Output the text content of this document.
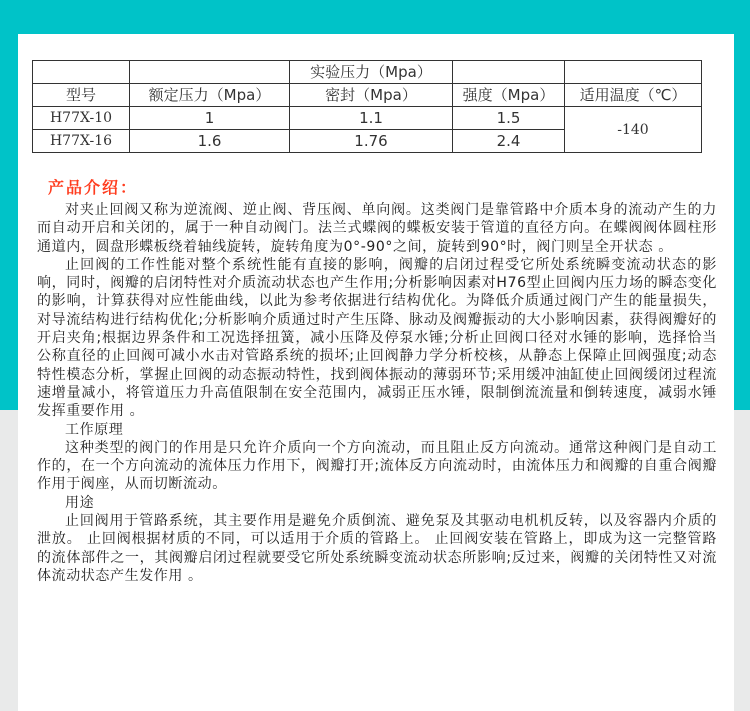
		实验压力（Mpa）		
型号	额定压力（Mpa）	密封（Mpa）	强度（Mpa）	适用温度（℃）
H77X-10	1	1.1	1.5	-140
H77X-16	1.6	1.76	2.4	
产品介绍：

对夹止回阀又称为逆流阀、逆止阀、背压阀、单向阀。这类阀门是靠管路中介质本身的流动产生的力而自动开启和关闭的，属于一种自动阀门。法兰式蝶阀的蝶板安装于管道的直径方向。在蝶阀阀体圆柱形通道内，圆盘形蝶板绕着轴线旋转，旋转角度为0°-90°之间，旋转到90°时，阀门则呈全开状态 。

止回阀的工作性能对整个系统性能有直接的影响，阀瓣的启闭过程受它所处系统瞬变流动状态的影响，同时，阀瓣的启闭特性对介质流动状态也产生作用;分析影响因素对H76型止回阀内压力场的瞬态变化的影响，计算获得对应性能曲线，以此为参考依据进行结构优化。为降低介质通过阀门产生的能量损失，对导流结构进行结构优化;分析影响介质通过时产生压降、脉动及阀瓣振动的大小影响因素，获得阀瓣好的开启夹角;根据边界条件和工况选择扭簧，减小压降及停泵水锤;分析止回阀口径对水锤的影响，选择恰当公称直径的止回阀可减小水击对管路系统的损坏;止回阀静力学分析校核，从静态上保障止回阀强度;动态特性模态分析，掌握止回阀的动态振动特性，找到阀体振动的薄弱环节;采用缓冲油缸使止回阀缓闭过程流速增量减小，将管道压力升高值限制在安全范围内，减弱正压水锤，限制倒流流量和倒转速度，减弱水锤发挥重要作用 。

工作原理

这种类型的阀门的作用是只允许介质向一个方向流动，而且阻止反方向流动。通常这种阀门是自动工作的，在一个方向流动的流体压力作用下，阀瓣打开;流体反方向流动时，由流体压力和阀瓣的自重合阀瓣作用于阀座，从而切断流动。

用途

止回阀用于管路系统，其主要作用是避免介质倒流、避免泵及其驱动电机机反转，以及容器内介质的泄放。 止回阀根据材质的不同，可以适用于介质的管路上。 止回阀安装在管路上，即成为这一完整管路的流体部件之一，其阀瓣启闭过程就要受它所处系统瞬变流动状态所影响;反过来，阀瓣的关闭特性又对流体流动状态产生发作用 。
